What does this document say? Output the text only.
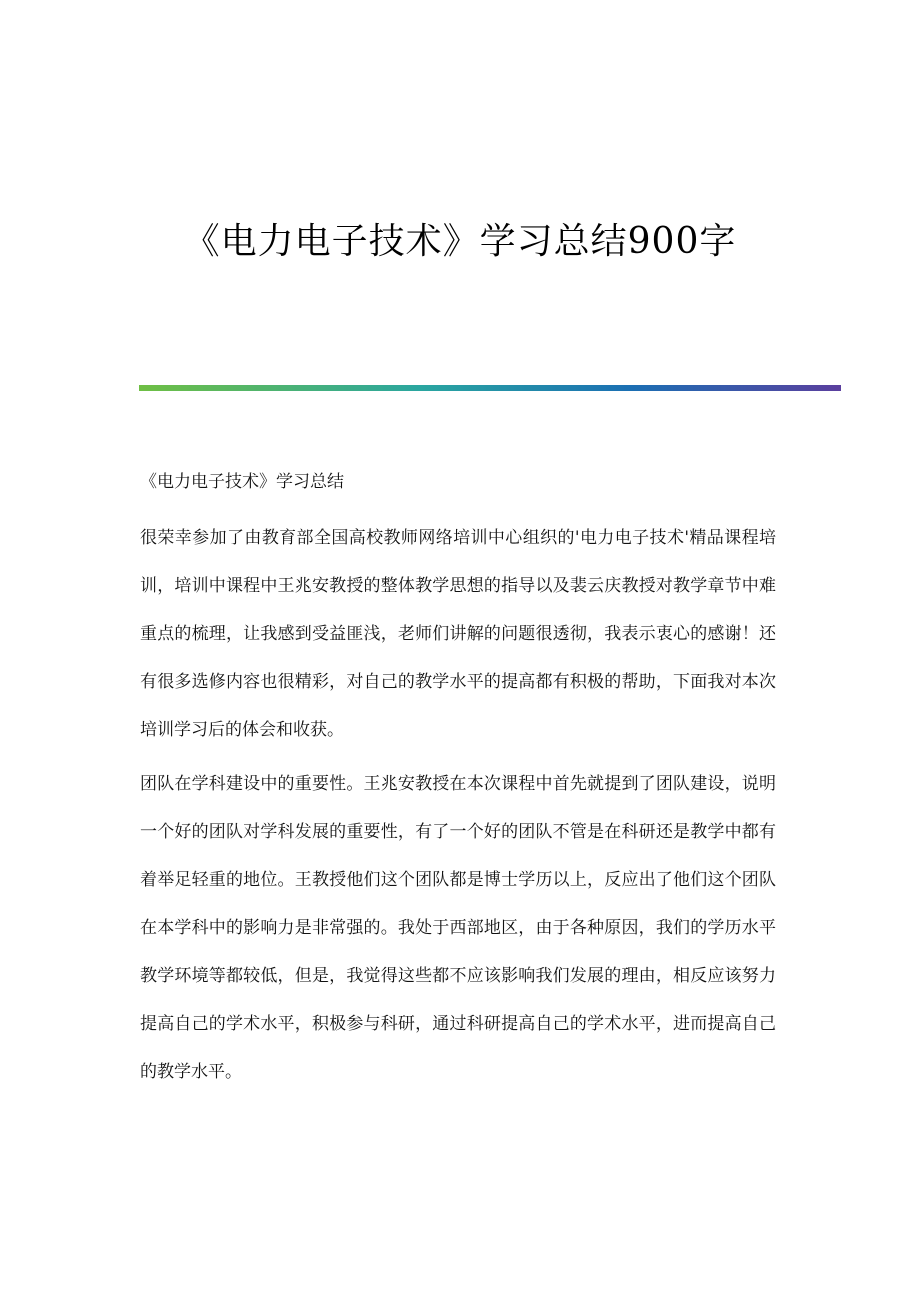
《电力电子技术》学习总结900字

《电力电子技术》学习总结

很荣幸参加了由教育部全国高校教师网络培训中心组织的'电力电子技术'精品课程培训，培训中课程中王兆安教授的整体教学思想的指导以及裴云庆教授对教学章节中难重点的梳理，让我感到受益匪浅，老师们讲解的问题很透彻，我表示衷心的感谢！还有很多选修内容也很精彩，对自己的教学水平的提高都有积极的帮助，下面我对本次培训学习后的体会和收获。

团队在学科建设中的重要性。王兆安教授在本次课程中首先就提到了团队建设，说明一个好的团队对学科发展的重要性，有了一个好的团队不管是在科研还是教学中都有着举足轻重的地位。王教授他们这个团队都是博士学历以上，反应出了他们这个团队在本学科中的影响力是非常强的。我处于西部地区，由于各种原因，我们的学历水平教学环境等都较低，但是，我觉得这些都不应该影响我们发展的理由，相反应该努力提高自己的学术水平，积极参与科研，通过科研提高自己的学术水平，进而提高自己的教学水平。
